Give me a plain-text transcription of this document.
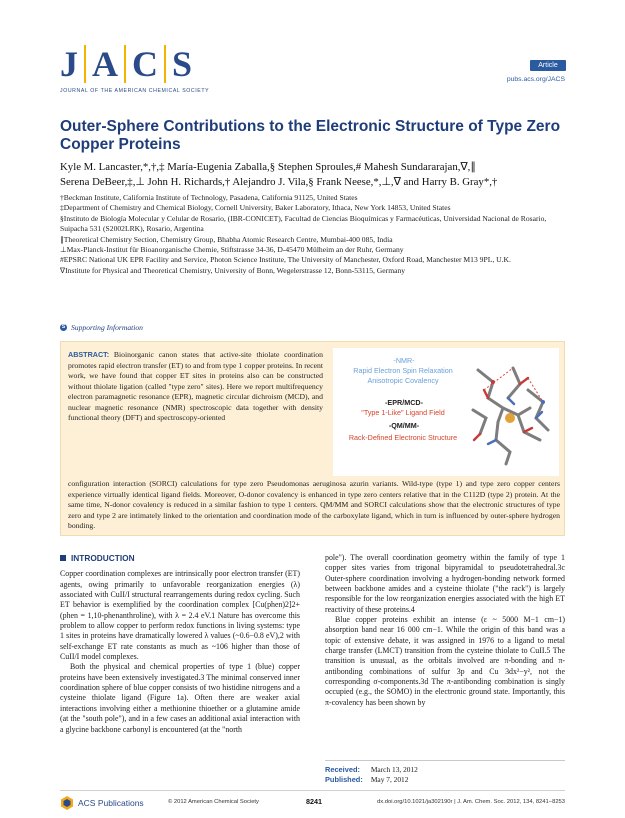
J A C S
JOURNAL OF THE AMERICAN CHEMICAL SOCIETY
Article
pubs.acs.org/JACS
Outer-Sphere Contributions to the Electronic Structure of Type Zero Copper Proteins
Kyle M. Lancaster,*,†,‡ María-Eugenia Zaballa,§ Stephen Sproules,# Mahesh Sundararajan,∇,∥
Serena DeBeer,‡,⊥ John H. Richards,† Alejandro J. Vila,§ Frank Neese,*,⊥,∇ and Harry B. Gray*,†
†Beckman Institute, California Institute of Technology, Pasadena, California 91125, United States
‡Department of Chemistry and Chemical Biology, Cornell University, Baker Laboratory, Ithaca, New York 14853, United States
§Instituto de Biología Molecular y Celular de Rosario, (IBR-CONICET), Facultad de Ciencias Bioquímicas y Farmacéuticas, Universidad Nacional de Rosario, Suipacha 531 (S2002LRK), Rosario, Argentina
∥Theoretical Chemistry Section, Chemistry Group, Bhabha Atomic Research Centre, Mumbai-400 085, India
⊥Max-Planck-Institut für Bioanorganische Chemie, Stiftstrasse 34-36, D-45470 Mülheim an der Ruhr, Germany
#EPSRC National UK EPR Facility and Service, Photon Science Institute, The University of Manchester, Oxford Road, Manchester M13 9PL, U.K.
∇Institute for Physical and Theoretical Chemistry, University of Bonn, Wegelerstrasse 12, Bonn-53115, Germany
S Supporting Information
ABSTRACT: Bioinorganic canon states that active-site thiolate coordination promotes rapid electron transfer (ET) to and from type 1 copper proteins. In recent work, we have found that copper ET sites in proteins also can be constructed without thiolate ligation (called "type zero" sites). Here we report multifrequency electron paramagnetic resonance (EPR), magnetic circular dichroism (MCD), and nuclear magnetic resonance (NMR) spectroscopic data together with density functional theory (DFT) and spectroscopy-oriented
-NMR-
Rapid Electron Spin Relaxation
Anisotropic Covalency
-EPR/MCD-
"Type 1-Like" Ligand Field
-QM/MM-
Rack-Defined Electronic Structure
configuration interaction (SORCI) calculations for type zero Pseudomonas aeruginosa azurin variants. Wild-type (type 1) and type zero copper centers experience virtually identical ligand fields. Moreover, O-donor covalency is enhanced in type zero centers relative that in the C112D (type 2) protein. At the same time, N-donor covalency is reduced in a similar fashion to type 1 centers. QM/MM and SORCI calculations show that the electronic structures of type zero and type 2 are intimately linked to the orientation and coordination mode of the carboxylate ligand, which in turn is influenced by outer-sphere hydrogen bonding.
INTRODUCTION

Copper coordination complexes are intrinsically poor electron transfer (ET) agents, owing primarily to unfavorable reorganization energies (λ) associated with CuII/I structural rearrangements during redox cycling. Such ET behavior is exemplified by the coordination complex [Cu(phen)2]2+ (phen = 1,10-phenanthroline), with λ = 2.4 eV.1 Nature has overcome this problem to allow copper to perform redox functions in living systems: type 1 sites in proteins have dramatically lowered λ values (~0.6−0.8 eV),2 with self-exchange ET rate constants as much as ~106 higher than those of CuII/I model complexes.

Both the physical and chemical properties of type 1 (blue) copper proteins have been extensively investigated.3 The minimal conserved inner coordination sphere of blue copper consists of two histidine nitrogens and a cysteine thiolate ligand (Figure 1a). Often there are weaker axial interactions involving either a methionine thioether or a glutamine amide (at the "south pole"), and in a few cases an additional axial interaction with a glycine backbone carbonyl is encountered (at the "north

pole"). The overall coordination geometry within the family of type 1 copper sites varies from trigonal bipyramidal to pseudotetrahedral.3c Outer-sphere coordination involving a hydrogen-bonding network formed between backbone amides and a cysteine thiolate ("the rack") is largely responsible for the low reorganization energies associated with the high ET reactivity of these proteins.4

Blue copper proteins exhibit an intense (ε ~ 5000 M−1 cm−1) absorption band near 16 000 cm−1. While the origin of this band was a topic of extensive debate, it was assigned in 1976 to a ligand to metal charge transfer (LMCT) transition from the cysteine thiolate to CuII.5 The transition is unusual, as the orbitals involved are π-bonding and π-antibonding combinations of sulfur 3p and Cu 3dx²−y², not the corresponding σ-components.3d The π-antibonding combination is singly occupied (e.g., the SOMO) in the electronic ground state. Importantly, this π-covalency has been shown by

Received: March 13, 2012
Published: May 7, 2012
ACS Publications	© 2012 American Chemical Society	8241	dx.doi.org/10.1021/ja302190r | J. Am. Chem. Soc. 2012, 134, 8241−8253
